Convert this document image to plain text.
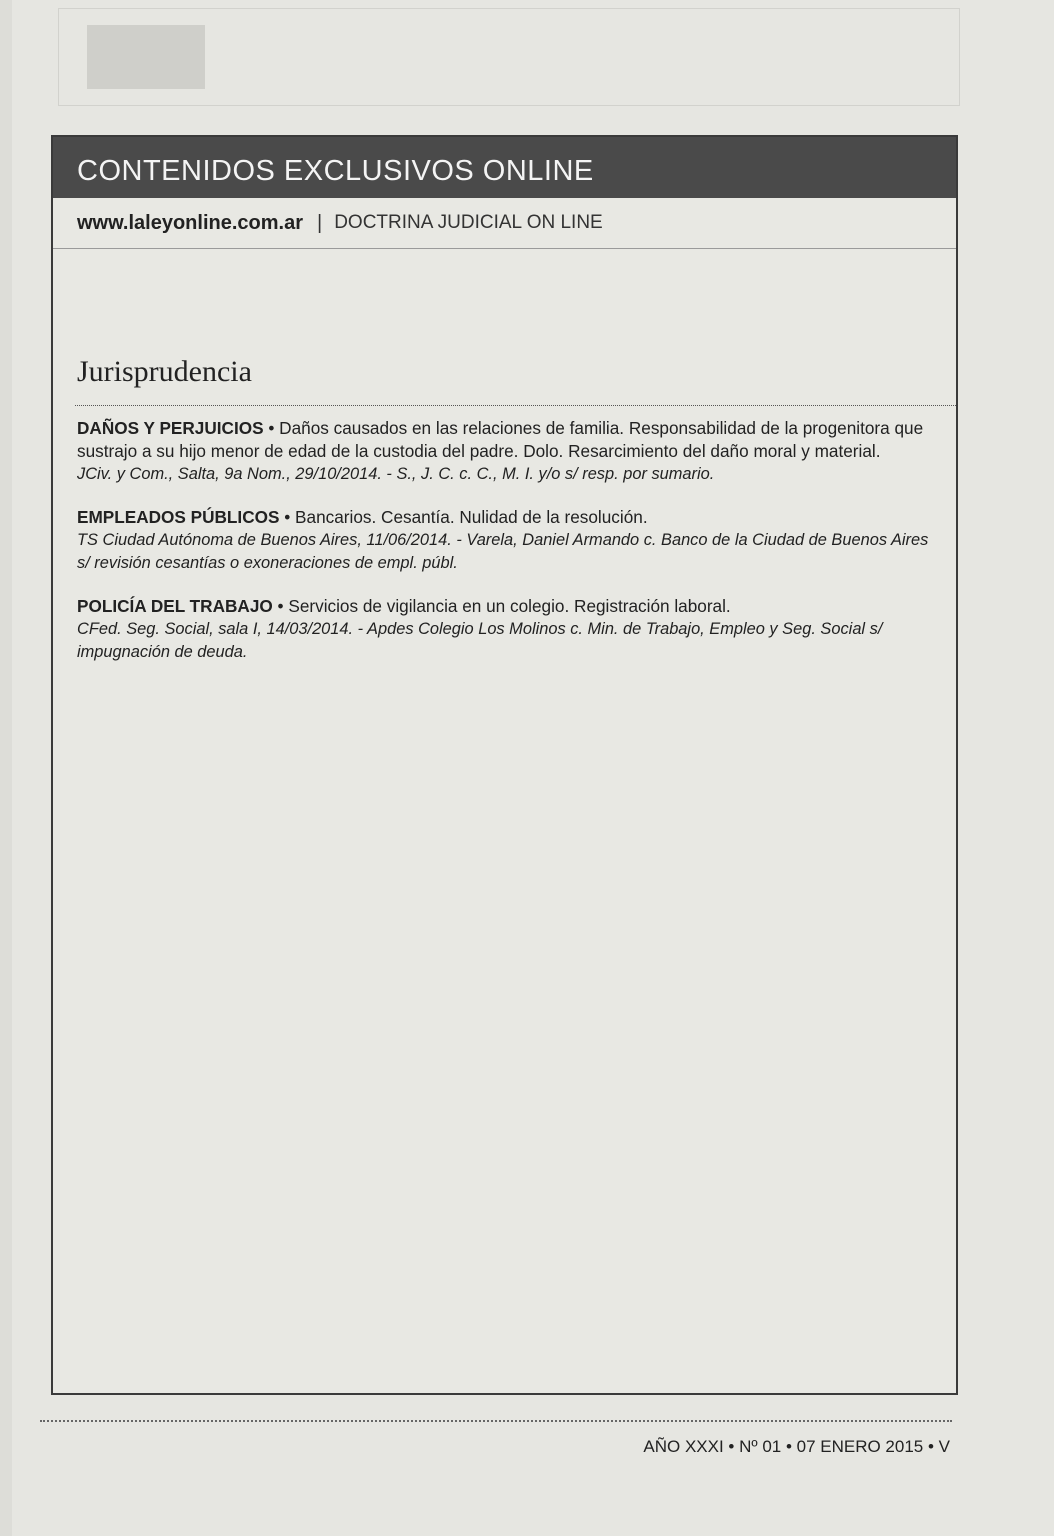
CONTENIDOS EXCLUSIVOS ONLINE
www.laleyonline.com.ar | DOCTRINA JUDICIAL ON LINE
Jurisprudencia
DAÑOS Y PERJUICIOS • Daños causados en las relaciones de familia. Responsabilidad de la progenitora que sustrajo a su hijo menor de edad de la custodia del padre. Dolo. Resarcimiento del daño moral y material.
JCiv. y Com., Salta, 9a Nom., 29/10/2014. - S., J. C. c. C., M. I. y/o s/ resp. por sumario.
EMPLEADOS PÚBLICOS • Bancarios. Cesantía. Nulidad de la resolución.
TS Ciudad Autónoma de Buenos Aires, 11/06/2014. - Varela, Daniel Armando c. Banco de la Ciudad de Buenos Aires s/ revisión cesantías o exoneraciones de empl. públ.
POLICÍA DEL TRABAJO • Servicios de vigilancia en un colegio. Registración laboral.
CFed. Seg. Social, sala I, 14/03/2014. - Apdes Colegio Los Molinos c. Min. de Trabajo, Empleo y Seg. Social s/ impugnación de deuda.
AÑO XXXI • Nº 01 • 07 ENERO 2015 • V
